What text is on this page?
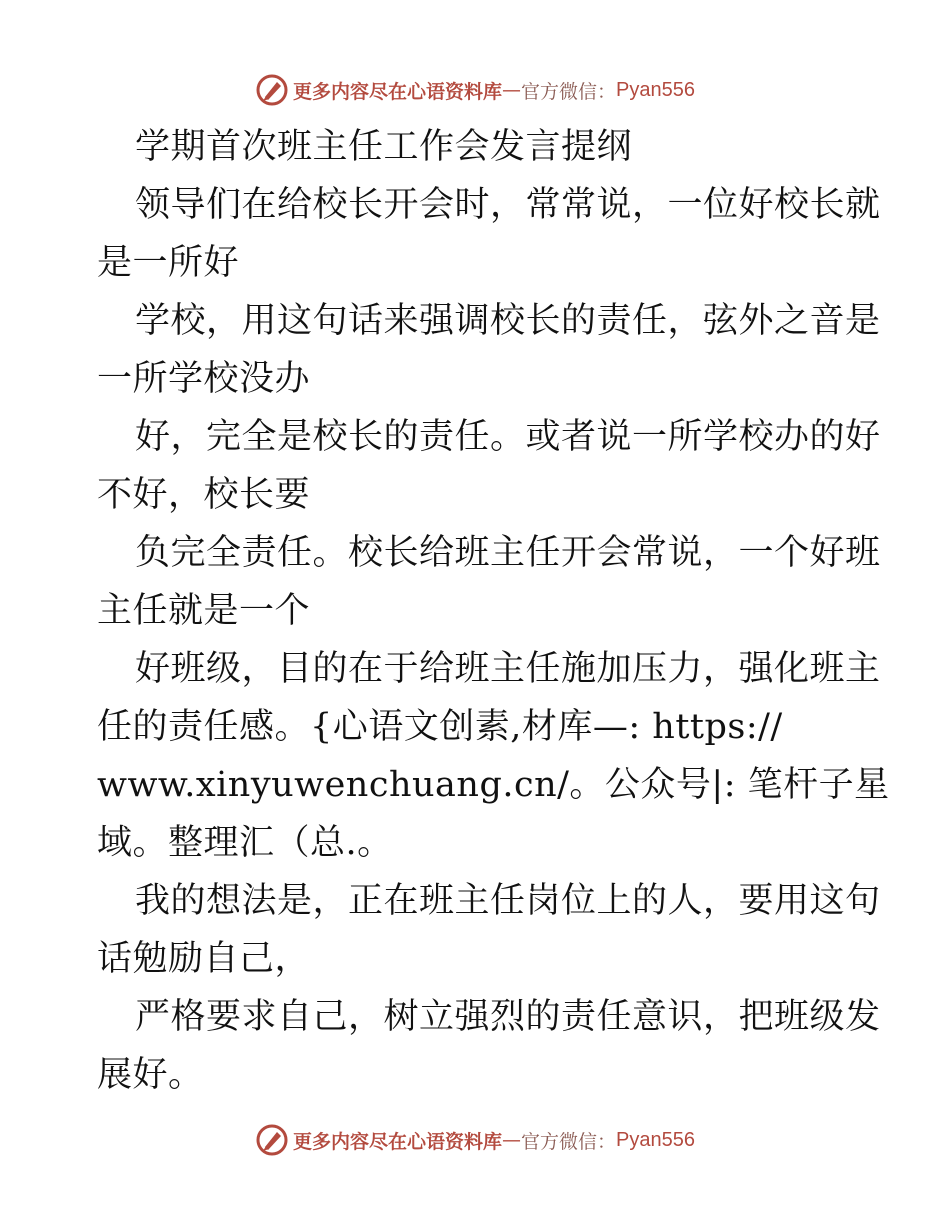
更多内容尽在心语资料库 — 官方微信： Pyan556
学期首次班主任工作会发言提纲
领导们在给校长开会时，常常说，一位好校长就
是一所好
学校，用这句话来强调校长的责任，弦外之音是
一所学校没办
好，完全是校长的责任。或者说一所学校办的好
不好，校长要
负完全责任。校长给班主任开会常说，一个好班
主任就是一个
好班级，目的在于给班主任施加压力，强化班主
任的责任感。{心语文创素,材库—: https://
www.xinyuwenchuang.cn/。公众号|: 笔杆子星
域。整理汇（总.。
我的想法是，正在班主任岗位上的人，要用这句
话勉励自己，
严格要求自己，树立强烈的责任意识，把班级发
展好。
更多内容尽在心语资料库 — 官方微信： Pyan556
